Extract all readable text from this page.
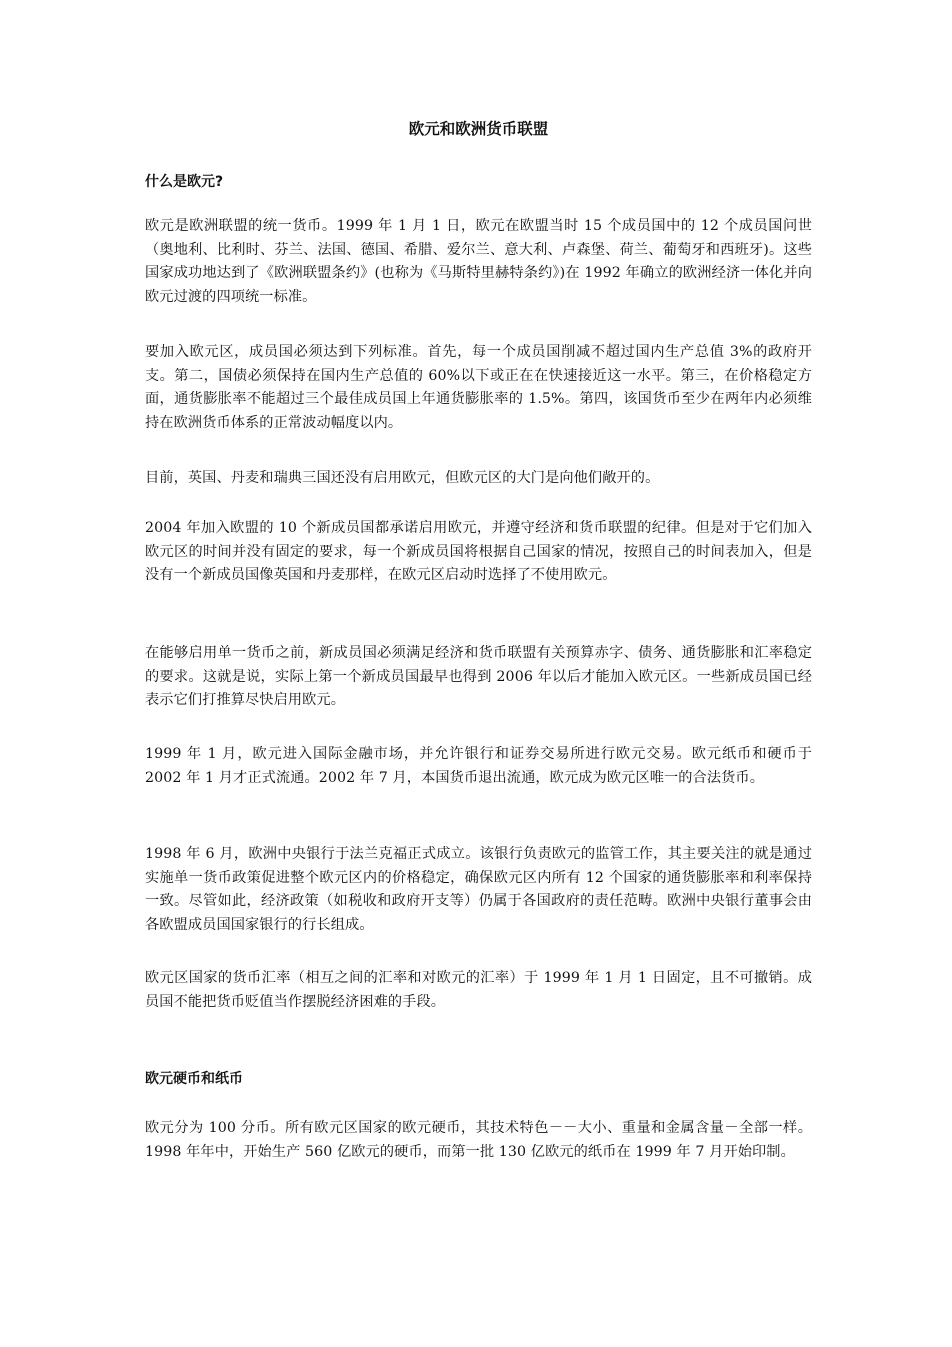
欧元和欧洲货币联盟
什么是欧元?

欧元是欧洲联盟的统一货币。1999 年 1 月 1 日，欧元在欧盟当时 15 个成员国中的 12 个成员国问世（奥地利、比利时、芬兰、法国、德国、希腊、爱尔兰、意大利、卢森堡、荷兰、葡萄牙和西班牙)。这些国家成功地达到了《欧洲联盟条约》(也称为《马斯特里赫特条约》)在 1992 年确立的欧洲经济一体化并向欧元过渡的四项统一标准。

要加入欧元区，成员国必须达到下列标准。首先，每一个成员国削减不超过国内生产总值 3%的政府开支。第二，国债必须保持在国内生产总值的 60%以下或正在在快速接近这一水平。第三，在价格稳定方面，通货膨胀率不能超过三个最佳成员国上年通货膨胀率的 1.5%。第四，该国货币至少在两年内必须维持在欧洲货币体系的正常波动幅度以内。

目前，英国、丹麦和瑞典三国还没有启用欧元，但欧元区的大门是向他们敞开的。

2004 年加入欧盟的 10 个新成员国都承诺启用欧元，并遵守经济和货币联盟的纪律。但是对于它们加入欧元区的时间并没有固定的要求，每一个新成员国将根据自己国家的情况，按照自己的时间表加入，但是没有一个新成员国像英国和丹麦那样，在欧元区启动时选择了不使用欧元。

在能够启用单一货币之前，新成员国必须满足经济和货币联盟有关预算赤字、债务、通货膨胀和汇率稳定的要求。这就是说，实际上第一个新成员国最早也得到 2006 年以后才能加入欧元区。一些新成员国已经表示它们打推算尽快启用欧元。

1999 年 1 月，欧元进入国际金融市场，并允许银行和证券交易所进行欧元交易。欧元纸币和硬币于 2002 年 1 月才正式流通。2002 年 7 月，本国货币退出流通，欧元成为欧元区唯一的合法货币。

1998 年 6 月，欧洲中央银行于法兰克福正式成立。该银行负责欧元的监管工作，其主要关注的就是通过实施单一货币政策促进整个欧元区内的价格稳定，确保欧元区内所有 12 个国家的通货膨胀率和利率保持一致。尽管如此，经济政策（如税收和政府开支等）仍属于各国政府的责任范畴。欧洲中央银行董事会由各欧盟成员国国家银行的行长组成。

欧元区国家的货币汇率（相互之间的汇率和对欧元的汇率）于 1999 年 1 月 1 日固定，且不可撤销。成员国不能把货币贬值当作摆脱经济困难的手段。

欧元硬币和纸币

欧元分为 100 分币。所有欧元区国家的欧元硬币，其技术特色－－大小、重量和金属含量－全部一样。1998 年年中，开始生产 560 亿欧元的硬币，而第一批 130 亿欧元的纸币在 1999 年 7 月开始印制。
